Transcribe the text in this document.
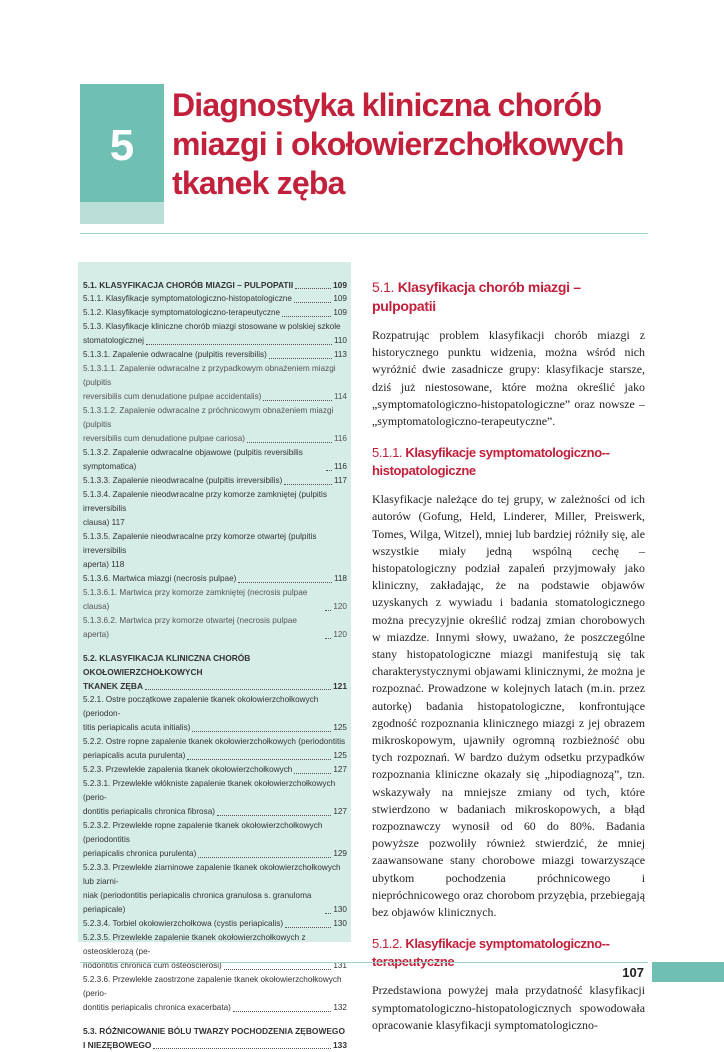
5
Diagnostyka kliniczna chorób
miazgi i okołowierzchołkowych
tkanek zęba
5.1. KLASYFIKACJA CHORÓB MIAZGI – PULPOPATII	109
5.1.1. Klasyfikacje symptomatologiczno-histopatologiczne	109
5.1.2. Klasyfikacje symptomatologiczno-terapeutyczne	109
5.1.3. Klasyfikacje kliniczne chorób miazgi stosowane w polskiej szkole
stomatologicznej	110
5.1.3.1. Zapalenie odwracalne (pulpitis reversibilis)	113
5.1.3.1.1. Zapalenie odwracalne z przypadkowym obnażeniem miazgi (pulpitis
reversibilis cum denudatione pulpae accidentalis)	114
5.1.3.1.2. Zapalenie odwracalne z próchnicowym obnażeniem miazgi (pulpitis
reversibilis cum denudatione pulpae cariosa)	116
5.1.3.2. Zapalenie odwracalne objawowe (pulpitis reversibilis symptomatica)	116
5.1.3.3. Zapalenie nieodwracalne (pulpitis irreversibilis)	117
5.1.3.4. Zapalenie nieodwracalne przy komorze zamkniętej (pulpitis irreversibilis
clausa) 117
5.1.3.5. Zapalenie nieodwracalne przy komorze otwartej (pulpitis irreversibilis
aperta) 118
5.1.3.6. Martwica miazgi (necrosis pulpae)	118
5.1.3.6.1. Martwica przy komorze zamkniętej (necrosis pulpae clausa)	120
5.1.3.6.2. Martwica przy komorze otwartej (necrosis pulpae aperta)	120
5.2. KLASYFIKACJA KLINICZNA CHORÓB OKOŁOWIERZCHOŁKOWYCH
TKANEK ZĘBA	121
5.2.1. Ostre początkowe zapalenie tkanek okołowierzchołkowych (periodon-
titis periapicalis acuta initialis)	125
5.2.2. Ostre ropne zapalenie tkanek okołowierzchołkowych (periodontitis
periapicalis acuta purulenta)	125
5.2.3. Przewlekłe zapalenia tkanek okołowierzchołkowych	127
5.2.3.1. Przewlekłe włókniste zapalenie tkanek okołowierzchołkowych (perio-
dontitis periapicalis chronica fibrosa)	127
5.2.3.2. Przewlekłe ropne zapalenie tkanek okołowierzchołkowych (periodontitis
periapicalis chronica purulenta)	129
5.2.3.3. Przewlekłe ziarninowe zapalenie tkanek okołowierzchołkowych lub ziarni-
niak (periodontitis periapicalis chronica granulosa s. granuloma periapicale)	130
5.2.3.4. Torbiel okołowierzchołkowa (cystis periapicalis)	130
5.2.3.5. Przewlekłe zapalenie tkanek okołowierzchołkowych z osteosklerozą (pe-
riodontitis chronica cum osteosclerosi)	131
5.2.3.6. Przewlekłe zaostrzone zapalenie tkanek okołowierzchołkowych (perio-
dontitis periapicalis chronica exacerbata)	132
5.3. RÓŻNICOWANIE BÓLU TWARZY POCHODZENIA ZĘBOWEGO
I NIEZĘBOWEGO	133
5.1. Klasyfikacja chorób miazgi – pulpopatii

Rozpatrując problem klasyfikacji chorób miazgi z historycznego punktu widzenia, można wśród nich wyróżnić dwie zasadnicze grupy: klasyfikacje starsze, dziś już niestosowane, które można określić jako „symptomatologiczno-histopatologiczne” oraz nowsze – „symptomatologiczno-terapeutyczne”.

5.1.1. Klasyfikacje symptomatologiczno--histopatologiczne

Klasyfikacje należące do tej grupy, w zależności od ich autorów (Gofung, Held, Linderer, Miller, Preiswerk, Tomes, Wilga, Witzel), mniej lub bardziej różniły się, ale wszystkie miały jedną wspólną cechę – histopatologiczny podział zapaleń przyjmowały jako kliniczny, zakładając, że na podstawie objawów uzyskanych z wywiadu i badania stomatologicznego można precyzyjnie określić rodzaj zmian chorobowych w miazdze. Innymi słowy, uważano, że poszczególne stany histopatologiczne miazgi manifestują się tak charakterystycznymi objawami klinicznymi, że można je rozpoznać. Prowadzone w kolejnych latach (m.in. przez autorkę) badania histopatologiczne, konfrontujące zgodność rozpoznania klinicznego miazgi z jej obrazem mikroskopowym, ujawniły ogromną rozbieżność obu tych rozpoznań. W bardzo dużym odsetku przypadków rozpoznania kliniczne okazały się „hipodiagnozą”, tzn. wskazywały na mniejsze zmiany od tych, które stwierdzono w badaniach mikroskopowych, a błąd rozpoznawczy wynosił od 60 do 80%. Badania powyższe pozwoliły również stwierdzić, że mniej zaawansowane stany chorobowe miazgi towarzyszące ubytkom pochodzenia próchnicowego i niepróchnicowego oraz chorobom przyzębia, przebiegają bez objawów klinicznych.

5.1.2. Klasyfikacje symptomatologiczno--terapeutyczne

Przedstawiona powyżej mała przydatność klasyfikacji symptomatologiczno-histopatologicznych spowodowała opracowanie klasyfikacji symptomatologiczno-

107
